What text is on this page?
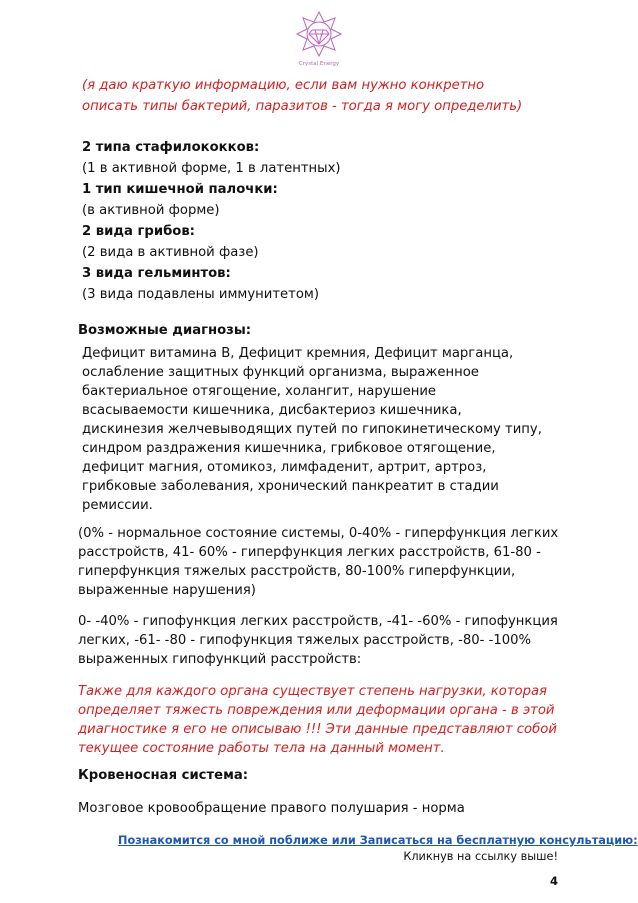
Crystal Energy
(я даю краткую информацию, если вам нужно конкретно
описать типы бактерий, паразитов - тогда я могу определить)
2 типа стафилококков:
(1 в активной форме, 1 в латентных)
1 тип кишечной палочки:
(в активной форме)
2 вида грибов:
(2 вида в активной фазе)
3 вида гельминтов:
(3 вида подавлены иммунитетом)
Возможные диагнозы:
Дефицит витамина B, Дефицит кремния, Дефицит марганца,
ослабление защитных функций организма, выраженное
бактериальное отягощение, холангит, нарушение
всасываемости кишечника, дисбактериоз кишечника,
дискинезия желчевыводящих путей по гипокинетическому типу,
синдром раздражения кишечника, грибковое отягощение,
дефицит магния, отомикоз, лимфаденит, артрит, артроз,
грибковые заболевания, хронический панкреатит в стадии
ремиссии.
(0% - нормальное состояние системы, 0-40% - гиперфункция легких
расстройств, 41- 60% - гиперфункция легких расстройств, 61-80 -
гиперфункция тяжелых расстройств, 80-100% гиперфункции,
выраженные нарушения)
0- -40% - гипофункция легких расстройств, -41- -60% - гипофункция
легких, -61- -80 - гипофункция тяжелых расстройств, -80- -100%
выраженных гипофункций расстройств:
Также для каждого органа существует степень нагрузки, которая
определяет тяжесть повреждения или деформации органа - в этой
диагностике я его не описываю !!! Эти данные представляют собой
текущее состояние работы тела на данный момент.
Кровеносная система:
Мозговое кровообращение правого полушария - норма
Познакомится со мной поближе или Записаться на бесплатную консультацию:
Кликнув на ссылку выше!
4
